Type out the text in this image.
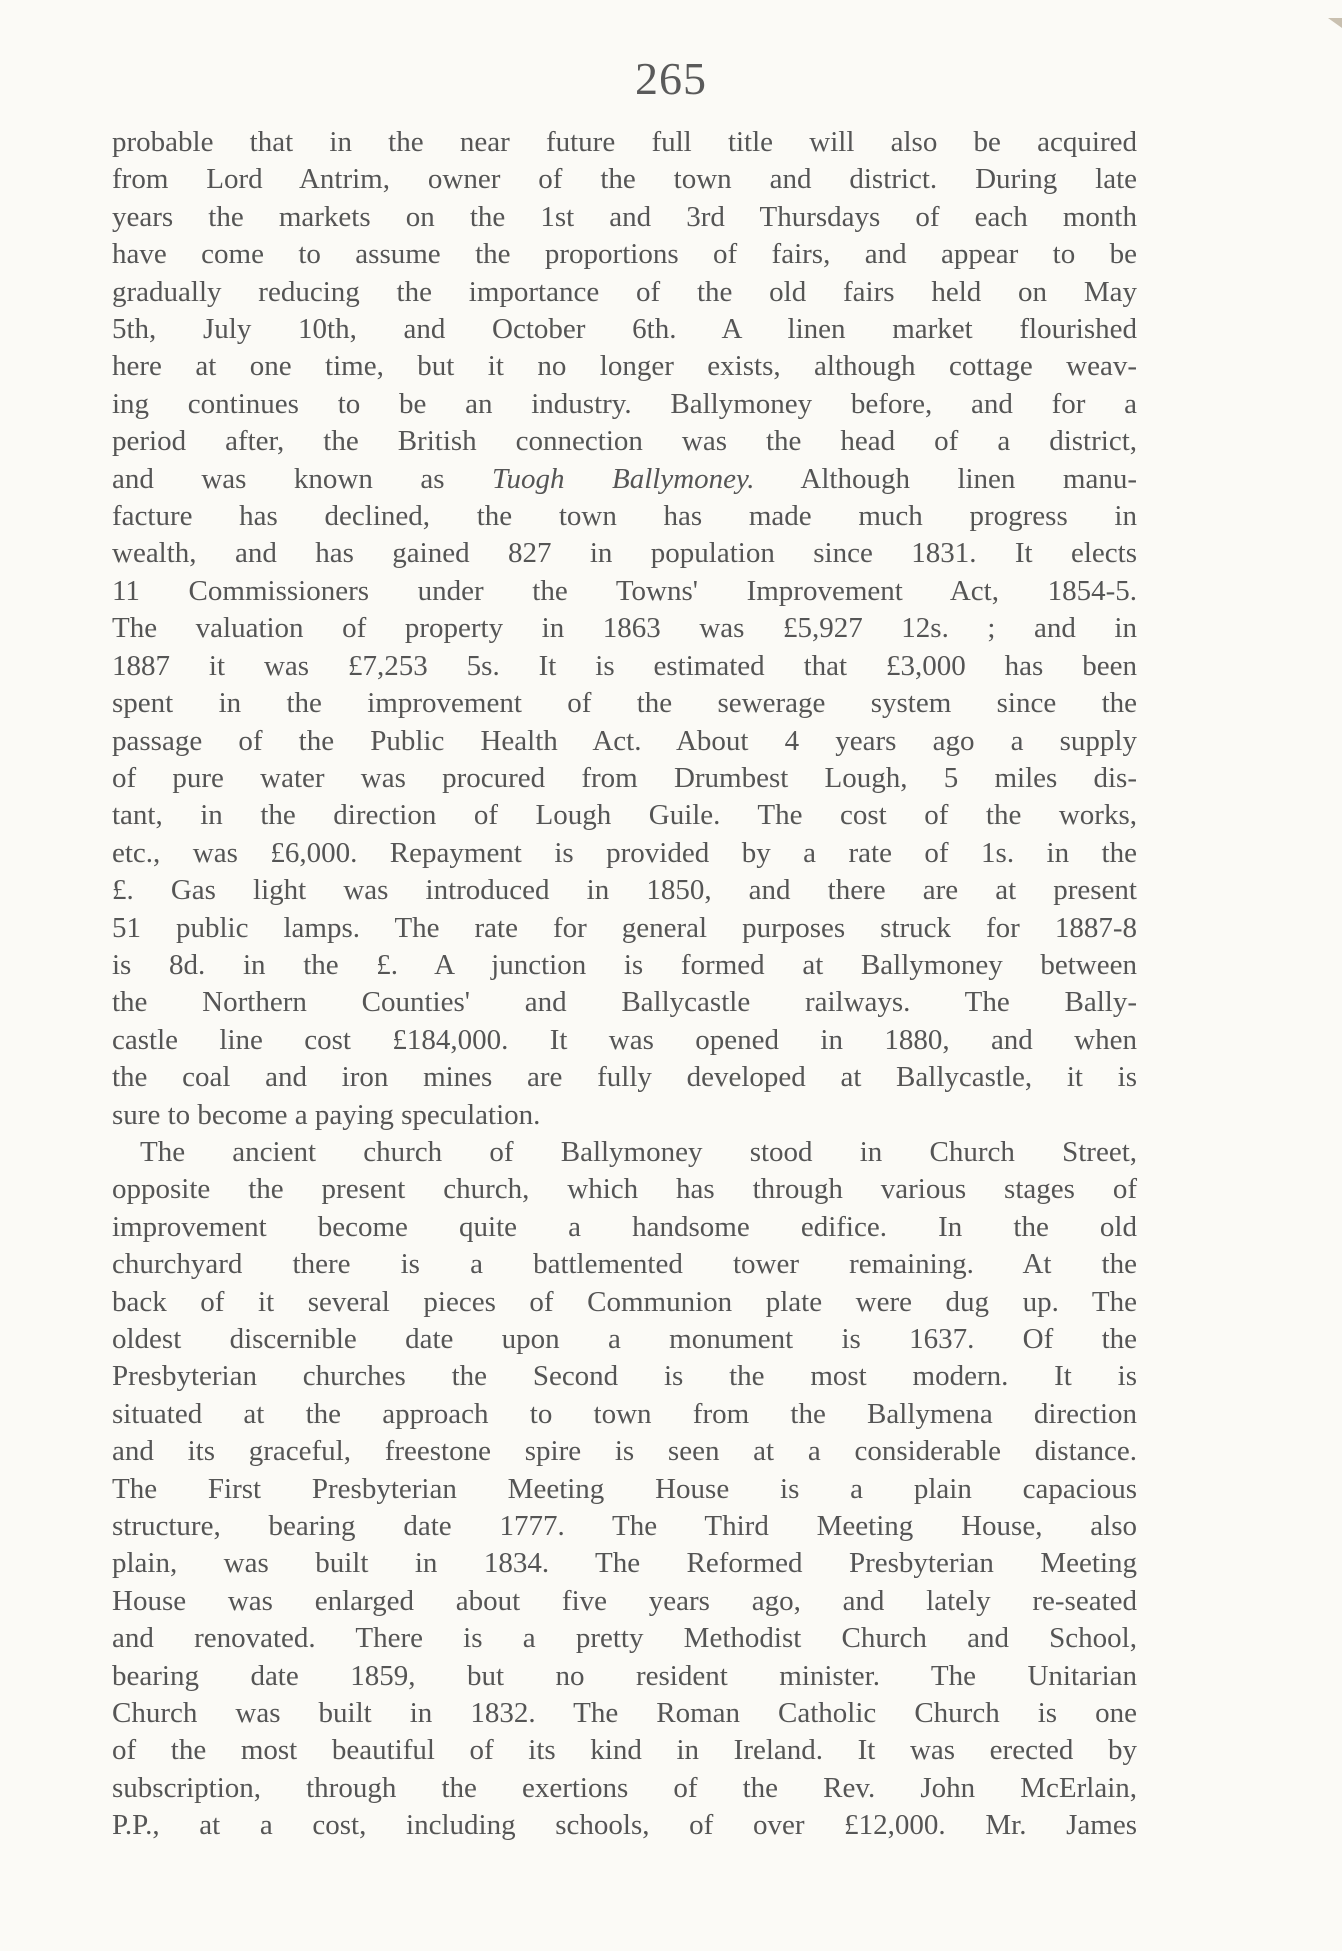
265
probable that in the near future full title will also be acquired
from Lord Antrim, owner of the town and district. During late
years the markets on the 1st and 3rd Thursdays of each month
have come to assume the proportions of fairs, and appear to be
gradually reducing the importance of the old fairs held on May
5th, July 10th, and October 6th. A linen market flourished
here at one time, but it no longer exists, although cottage weav-
ing continues to be an industry. Ballymoney before, and for a
period after, the British connection was the head of a district,
and was known as Tuogh Ballymoney. Although linen manu-
facture has declined, the town has made much progress in
wealth, and has gained 827 in population since 1831. It elects
11 Commissioners under the Towns' Improvement Act, 1854-5.
The valuation of property in 1863 was £5,927 12s. ; and in
1887 it was £7,253 5s. It is estimated that £3,000 has been
spent in the improvement of the sewerage system since the
passage of the Public Health Act. About 4 years ago a supply
of pure water was procured from Drumbest Lough, 5 miles dis-
tant, in the direction of Lough Guile. The cost of the works,
etc., was £6,000. Repayment is provided by a rate of 1s. in the
£. Gas light was introduced in 1850, and there are at present
51 public lamps. The rate for general purposes struck for 1887-8
is 8d. in the £. A junction is formed at Ballymoney between
the Northern Counties' and Ballycastle railways. The Bally-
castle line cost £184,000. It was opened in 1880, and when
the coal and iron mines are fully developed at Ballycastle, it is
sure to become a paying speculation.
The ancient church of Ballymoney stood in Church Street,
opposite the present church, which has through various stages of
improvement become quite a handsome edifice. In the old
churchyard there is a battlemented tower remaining. At the
back of it several pieces of Communion plate were dug up. The
oldest discernible date upon a monument is 1637. Of the
Presbyterian churches the Second is the most modern. It is
situated at the approach to town from the Ballymena direction
and its graceful, freestone spire is seen at a considerable distance.
The First Presbyterian Meeting House is a plain capacious
structure, bearing date 1777. The Third Meeting House, also
plain, was built in 1834. The Reformed Presbyterian Meeting
House was enlarged about five years ago, and lately re-seated
and renovated. There is a pretty Methodist Church and School,
bearing date 1859, but no resident minister. The Unitarian
Church was built in 1832. The Roman Catholic Church is one
of the most beautiful of its kind in Ireland. It was erected by
subscription, through the exertions of the Rev. John McErlain,
P.P., at a cost, including schools, of over £12,000. Mr. James
